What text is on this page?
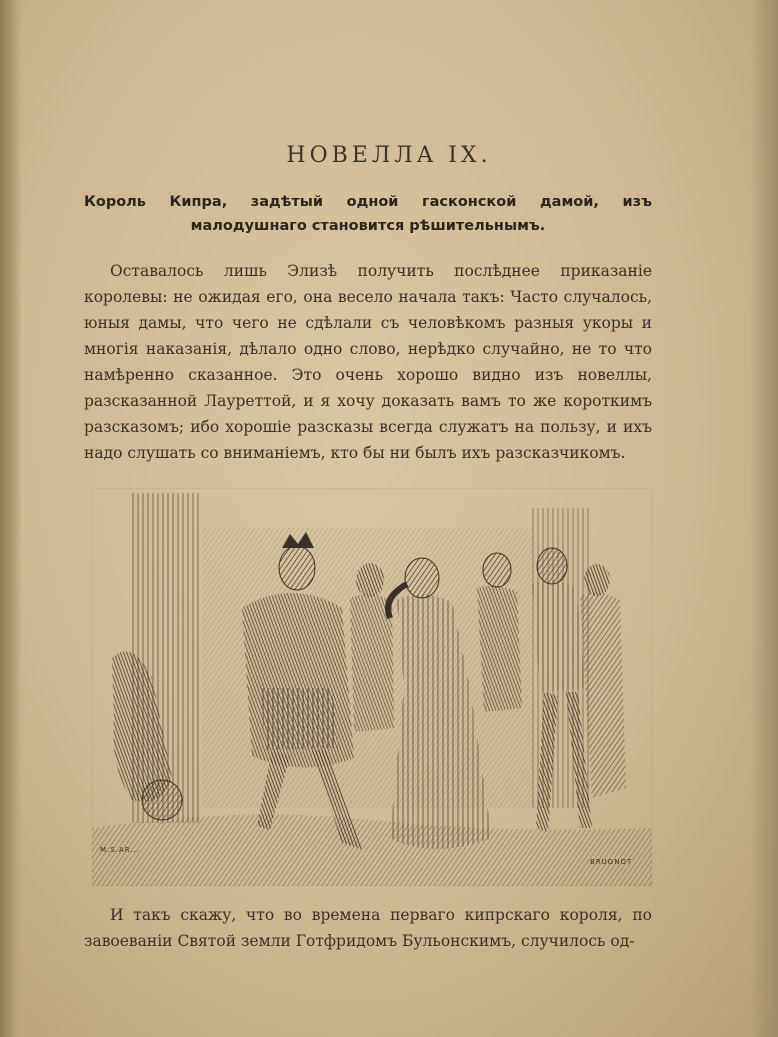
НОВЕЛЛА IX.
Король Кипра, задѣтый одной гасконской дамой, изъ малодушнаго становится рѣшительнымъ.

Оставалось лишь Элизѣ получить послѣднее приказаніе королевы: не ожидая его, она весело начала такъ: Часто случалось, юныя дамы, что чего не сдѣлали съ человѣкомъ разныя укоры и многія наказанія, дѣлало одно слово, нерѣдко случайно, не то что намѣренно сказанное. Это очень хорошо видно изъ новеллы, разсказанной Лауреттой, и я хочу доказать вамъ то же короткимъ разсказомъ; ибо хорошіе разсказы всегда служатъ на пользу, и ихъ надо слушать со вниманіемъ, кто бы ни былъ ихъ разсказчикомъ.

M.S.AR...
BRUGNOT

И такъ скажу, что во времена перваго кипрскаго короля, по завоеваніи Святой земли Готфридомъ Бульонскимъ, случилось од-
